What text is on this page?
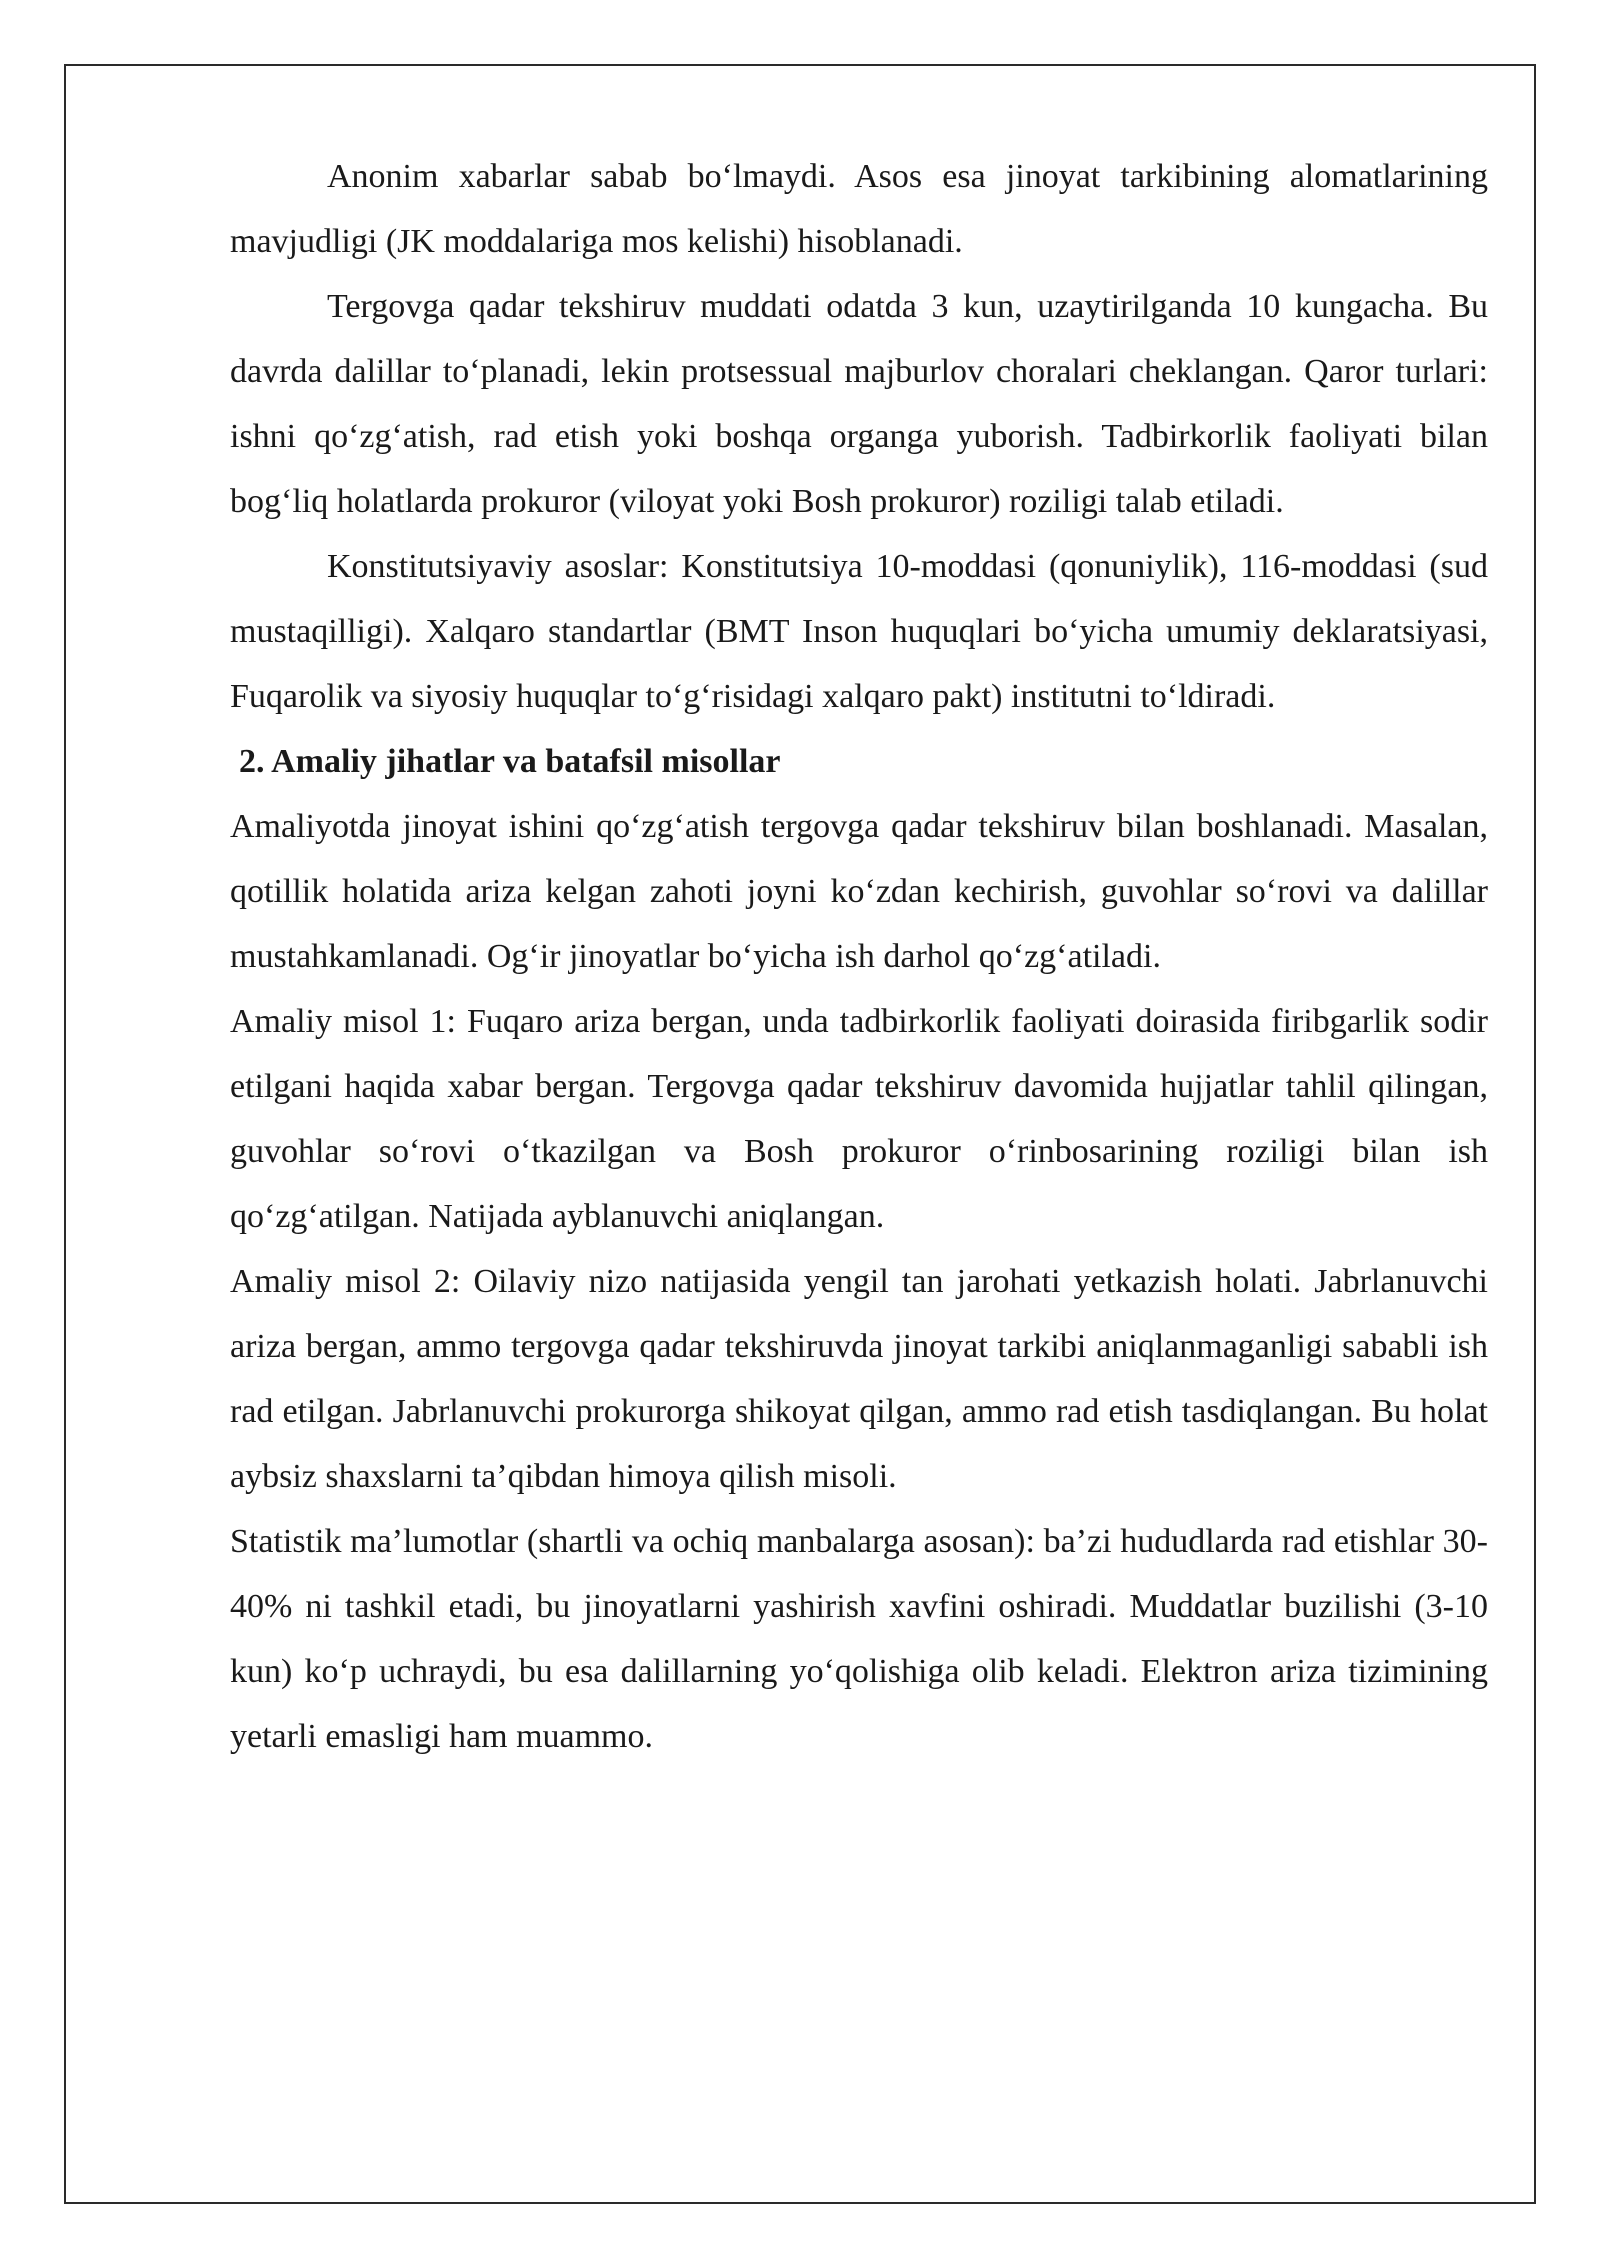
Anonim xabarlar sabab bo‘lmaydi. Asos esa jinoyat tarkibining alomatlarining mavjudligi (JK moddalariga mos kelishi) hisoblanadi.

Tergovga qadar tekshiruv muddati odatda 3 kun, uzaytirilganda 10 kungacha. Bu davrda dalillar to‘planadi, lekin protsessual majburlov choralari cheklangan. Qaror turlari: ishni qo‘zg‘atish, rad etish yoki boshqa organga yuborish. Tadbirkorlik faoliyati bilan bog‘liq holatlarda prokuror (viloyat yoki Bosh prokuror) roziligi talab etiladi.

Konstitutsiyaviy asoslar: Konstitutsiya 10-moddasi (qonuniylik), 116-moddasi (sud mustaqilligi). Xalqaro standartlar (BMT Inson huquqlari bo‘yicha umumiy deklaratsiyasi, Fuqarolik va siyosiy huquqlar to‘g‘risidagi xalqaro pakt) institutni to‘ldiradi.

2. Amaliy jihatlar va batafsil misollar

Amaliyotda jinoyat ishini qo‘zg‘atish tergovga qadar tekshiruv bilan boshlanadi. Masalan, qotillik holatida ariza kelgan zahoti joyni ko‘zdan kechirish, guvohlar so‘rovi va dalillar mustahkamlanadi. Og‘ir jinoyatlar bo‘yicha ish darhol qo‘zg‘atiladi.

Amaliy misol 1: Fuqaro ariza bergan, unda tadbirkorlik faoliyati doirasida firibgarlik sodir etilgani haqida xabar bergan. Tergovga qadar tekshiruv davomida hujjatlar tahlil qilingan, guvohlar so‘rovi o‘tkazilgan va Bosh prokuror o‘rinbosarining roziligi bilan ish qo‘zg‘atilgan. Natijada ayblanuvchi aniqlangan.

Amaliy misol 2: Oilaviy nizo natijasida yengil tan jarohati yetkazish holati. Jabrlanuvchi ariza bergan, ammo tergovga qadar tekshiruvda jinoyat tarkibi aniqlanmaganligi sababli ish rad etilgan. Jabrlanuvchi prokurorga shikoyat qilgan, ammo rad etish tasdiqlangan. Bu holat aybsiz shaxslarni ta’qibdan himoya qilish misoli.

Statistik ma’lumotlar (shartli va ochiq manbalarga asosan): ba’zi hududlarda rad etishlar 30-40% ni tashkil etadi, bu jinoyatlarni yashirish xavfini oshiradi. Muddatlar buzilishi (3-10 kun) ko‘p uchraydi, bu esa dalillarning yo‘qolishiga olib keladi. Elektron ariza tizimining yetarli emasligi ham muammo.
